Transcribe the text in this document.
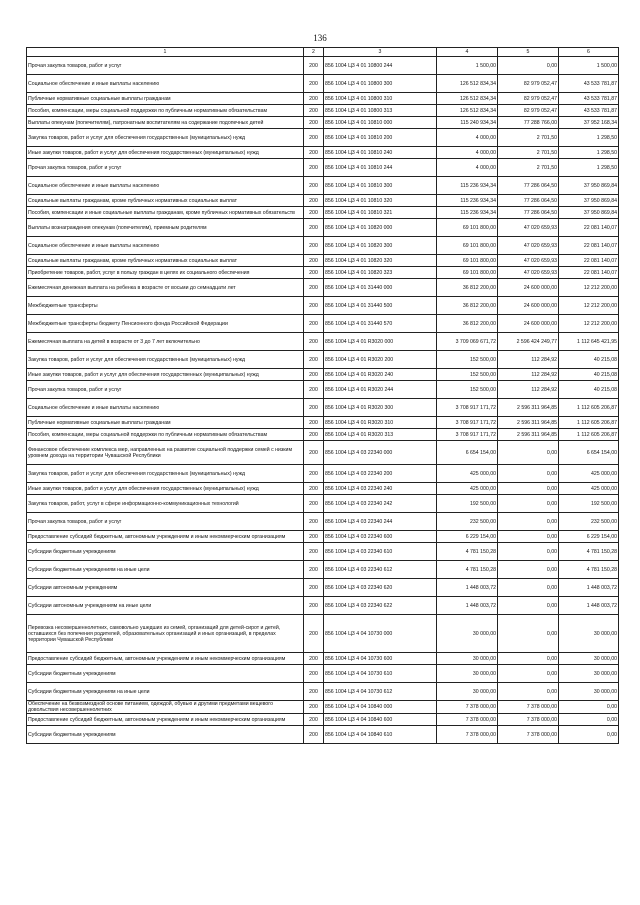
136
1	2	3	4	5	6
Прочая закупка товаров, работ и услуг	200	856 1004 Ц3 4 01 10800 244	1 500,00	0,00	1 500,00
Социальное обеспечение и иные выплаты населению	200	856 1004 Ц3 4 01 10800 300	126 512 834,34	82 979 052,47	43 533 781,87
Публичные нормативные социальные выплаты гражданам	200	856 1004 Ц3 4 01 10800 310	126 512 834,34	82 979 052,47	43 533 781,87
Пособия, компенсации, меры социальной поддержки по публичным нормативным обязательствам	200	856 1004 Ц3 4 01 10800 313	126 512 834,34	82 979 052,47	43 533 781,87
Выплаты опекунам (попечителям), патронатным воспитателям на содержание подопечных детей	200	856 1004 Ц3 4 01 10810 000	115 240 934,34	77 288 766,00	37 952 168,34
Закупка товаров, работ и услуг для обеспечения государственных (муниципальных) нужд	200	856 1004 Ц3 4 01 10810 200	4 000,00	2 701,50	1 298,50
Иные закупки товаров, работ и услуг для обеспечения государственных (муниципальных) нужд	200	856 1004 Ц3 4 01 10810 240	4 000,00	2 701,50	1 298,50
Прочая закупка товаров, работ и услуг	200	856 1004 Ц3 4 01 10810 244	4 000,00	2 701,50	1 298,50
Социальное обеспечение и иные выплаты населению	200	856 1004 Ц3 4 01 10810 300	115 236 934,34	77 286 064,50	37 950 869,84
Социальные выплаты гражданам, кроме публичных нормативных социальных выплат	200	856 1004 Ц3 4 01 10810 320	115 236 934,34	77 286 064,50	37 950 869,84
Пособия, компенсации и иные социальные выплаты гражданам, кроме публичных нормативных обязательств	200	856 1004 Ц3 4 01 10810 321	115 236 934,34	77 286 064,50	37 950 869,84
Выплаты вознаграждения опекунам (попечителям), приемным родителям	200	856 1004 Ц3 4 01 10820 000	69 101 800,00	47 020 659,93	22 081 140,07
Социальное обеспечение и иные выплаты населению	200	856 1004 Ц3 4 01 10820 300	69 101 800,00	47 020 659,93	22 081 140,07
Социальные выплаты гражданам, кроме публичных нормативных социальных выплат	200	856 1004 Ц3 4 01 10820 320	69 101 800,00	47 020 659,93	22 081 140,07
Приобретение товаров, работ, услуг в пользу граждан в целях их социального обеспечения	200	856 1004 Ц3 4 01 10820 323	69 101 800,00	47 020 659,93	22 081 140,07
Ежемесячная денежная выплата на ребенка в возрасте от восьми до семнадцати лет	200	856 1004 Ц3 4 01 31440 000	36 812 200,00	24 600 000,00	12 212 200,00
Межбюджетные трансферты	200	856 1004 Ц3 4 01 31440 500	36 812 200,00	24 600 000,00	12 212 200,00
Межбюджетные трансферты бюджету Пенсионного фонда Российской Федерации	200	856 1004 Ц3 4 01 31440 570	36 812 200,00	24 600 000,00	12 212 200,00
Ежемесячная выплата на детей в возрасте от 3 до 7 лет включительно	200	856 1004 Ц3 4 01 R3020 000	3 709 069 671,72	2 596 424 249,77	1 112 645 421,95
Закупка товаров, работ и услуг для обеспечения государственных (муниципальных) нужд	200	856 1004 Ц3 4 01 R3020 200	152 500,00	112 284,92	40 215,08
Иные закупки товаров, работ и услуг для обеспечения государственных (муниципальных) нужд	200	856 1004 Ц3 4 01 R3020 240	152 500,00	112 284,92	40 215,08
Прочая закупка товаров, работ и услуг	200	856 1004 Ц3 4 01 R3020 244	152 500,00	112 284,92	40 215,08
Социальное обеспечение и иные выплаты населению	200	856 1004 Ц3 4 01 R3020 300	3 708 917 171,72	2 596 311 964,85	1 112 605 206,87
Публичные нормативные социальные выплаты гражданам	200	856 1004 Ц3 4 01 R3020 310	3 708 917 171,72	2 596 311 964,85	1 112 605 206,87
Пособия, компенсации, меры социальной поддержки по публичным нормативным обязательствам	200	856 1004 Ц3 4 01 R3020 313	3 708 917 171,72	2 596 311 964,85	1 112 605 206,87
Финансовое обеспечение комплекса мер, направленных на развитие социальной поддержки семей с низким уровнем дохода на территории Чувашской Республики	200	856 1004 Ц3 4 03 22340 000	6 654 154,00	0,00	6 654 154,00
Закупка товаров, работ и услуг для обеспечения государственных (муниципальных) нужд	200	856 1004 Ц3 4 03 22340 200	425 000,00	0,00	425 000,00
Иные закупки товаров, работ и услуг для обеспечения государственных (муниципальных) нужд	200	856 1004 Ц3 4 03 22340 240	425 000,00	0,00	425 000,00
Закупка товаров, работ, услуг в сфере информационно-коммуникационных технологий	200	856 1004 Ц3 4 03 22340 242	192 500,00	0,00	192 500,00
Прочая закупка товаров, работ и услуг	200	856 1004 Ц3 4 03 22340 244	232 500,00	0,00	232 500,00
Предоставление субсидий бюджетным, автономным учреждениям и иным некоммерческим организациям	200	856 1004 Ц3 4 03 22340 600	6 229 154,00	0,00	6 229 154,00
Субсидии бюджетным учреждениям	200	856 1004 Ц3 4 03 22340 610	4 781 150,28	0,00	4 781 150,28
Субсидии бюджетным учреждениям на иные цели	200	856 1004 Ц3 4 03 22340 612	4 781 150,28	0,00	4 781 150,28
Субсидии автономным учреждениям	200	856 1004 Ц3 4 03 22340 620	1 448 003,72	0,00	1 448 003,72
Субсидии автономным учреждениям на иные цели	200	856 1004 Ц3 4 03 22340 622	1 448 003,72	0,00	1 448 003,72
Перевозка несовершеннолетних, самовольно ушедших из семей, организаций для детей-сирот и детей, оставшихся без попечения родителей, образовательных организаций и иных организаций, в пределах территории Чувашской Республики	200	856 1004 Ц3 4 04 10730 000	30 000,00	0,00	30 000,00
Предоставление субсидий бюджетным, автономным учреждениям и иным некоммерческим организациям	200	856 1004 Ц3 4 04 10730 600	30 000,00	0,00	30 000,00
Субсидии бюджетным учреждениям	200	856 1004 Ц3 4 04 10730 610	30 000,00	0,00	30 000,00
Субсидии бюджетным учреждениям на иные цели	200	856 1004 Ц3 4 04 10730 612	30 000,00	0,00	30 000,00
Обеспечение на безвозмездной основе питанием, одеждой, обувью и другими предметами вещевого довольствия несовершеннолетних	200	856 1004 Ц3 4 04 10840 000	7 378 000,00	7 378 000,00	0,00
Предоставление субсидий бюджетным, автономным учреждениям и иным некоммерческим организациям	200	856 1004 Ц3 4 04 10840 600	7 378 000,00	7 378 000,00	0,00
Субсидии бюджетным учреждениям	200	856 1004 Ц3 4 04 10840 610	7 378 000,00	7 378 000,00	0,00
